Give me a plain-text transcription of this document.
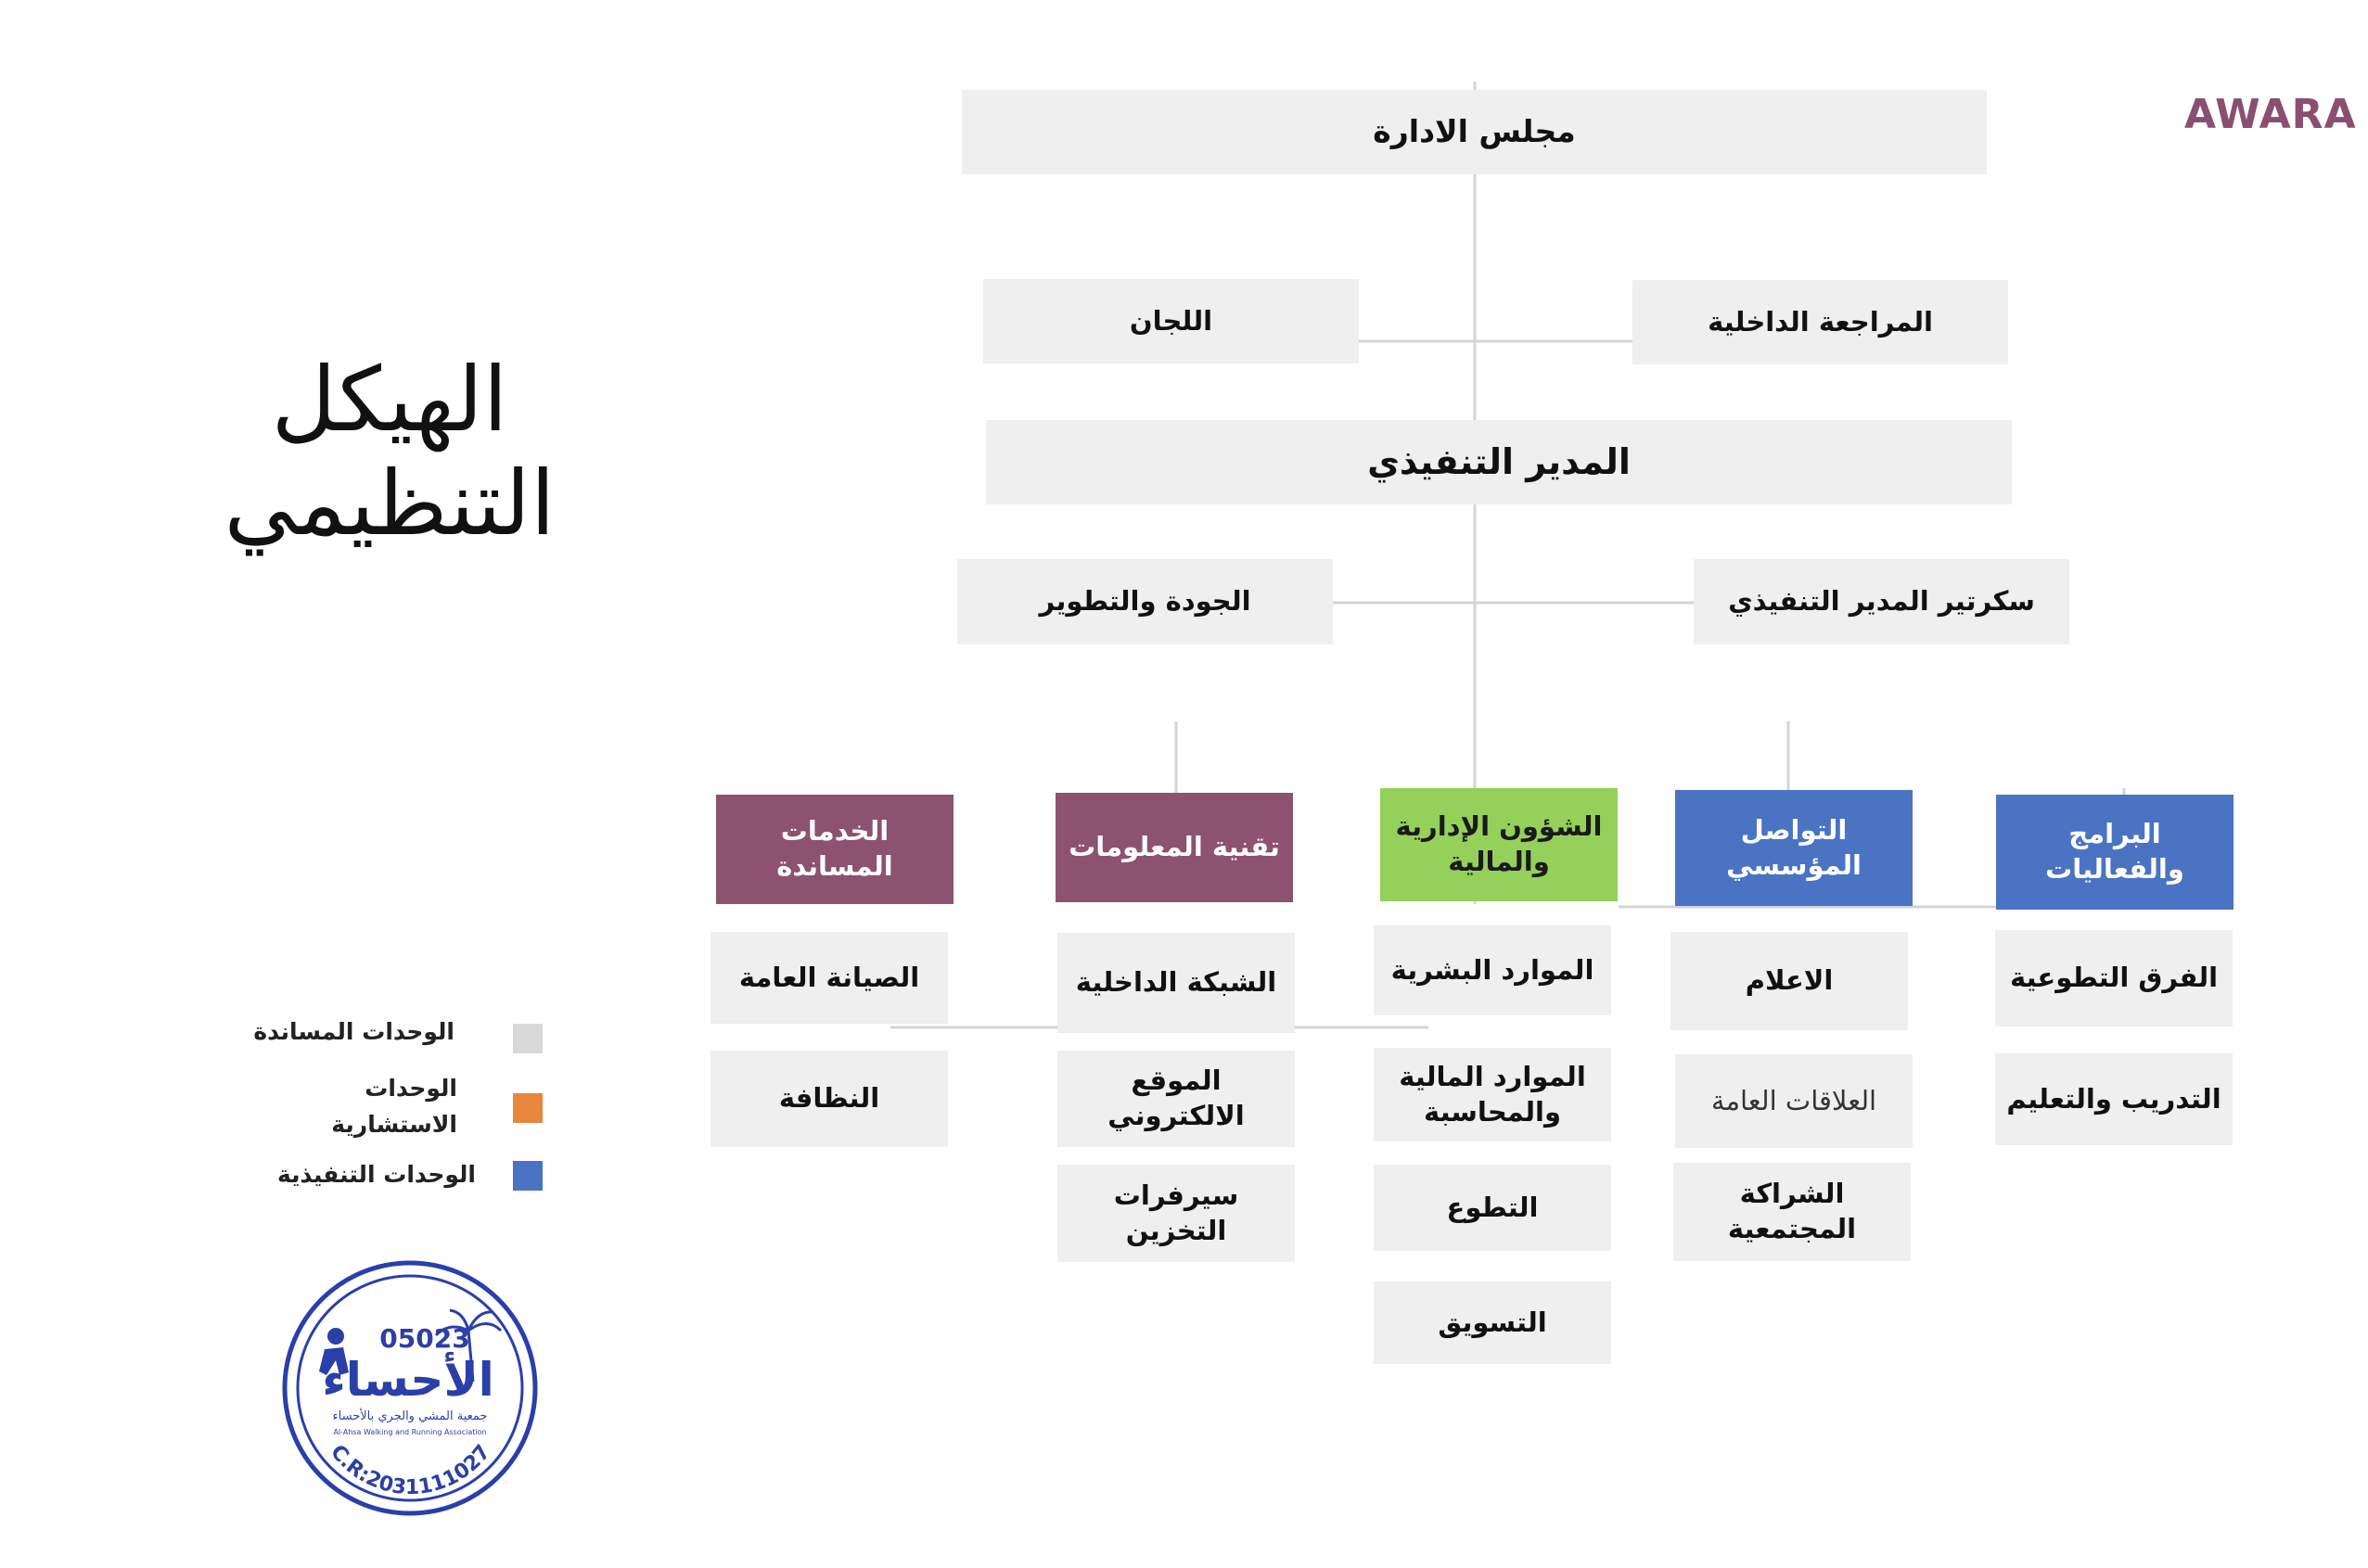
AWARA
الهيكل التنظيمي
مجلس الادارة
اللجان	المراجعة الداخلية
المدير التنفيذي
الجودة والتطوير	سكرتير المدير التنفيذي
الخدمات المساندة
تقنية المعلومات
الشؤون الإدارية والمالية
التواصل المؤسسي
البرامج والفعاليات
الصيانة العامة
النظافة
الشبكة الداخلية
الموقع الالكتروني
سيرفرات التخزين
الموارد البشرية
الموارد المالية والمحاسبة
التطوع
التسويق
الاعلام
العلاقات العامة
الشراكة المجتمعية
الفرق التطوعية
التدريب والتعليم
الوحدات المساندة
الوحدات الاستشارية
الوحدات التنفيذية
05023
الأحساء
جمعية المشي والجري بالأحساء
Al-Ahsa Walking and Running Association
C.R:2031111027
